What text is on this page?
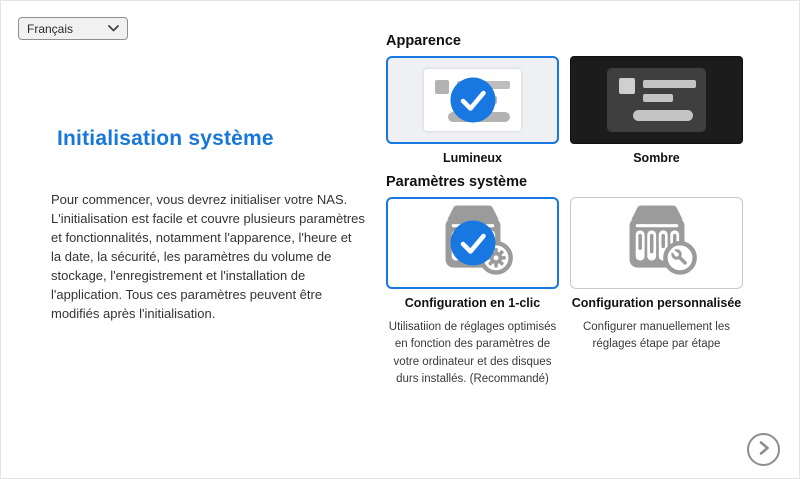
Français
Initialisation système

Pour commencer, vous devrez initialiser votre NAS. L'initialisation est facile et couvre plusieurs paramètres et fonctionnalités, notamment l'apparence, l'heure et la date, la sécurité, les paramètres du volume de stockage, l'enregistrement et l'installation de l'application. Tous ces paramètres peuvent être modifiés après l'initialisation.

Apparence
Lumineux	Sombre
Paramètres système
Configuration en 1-clic
Utilisatiion de réglages optimisés en fonction des paramètres de votre ordinateur et des disques durs installés. (Recommandé)
Configuration personnalisée
Configurer manuellement les réglages étape par étape
